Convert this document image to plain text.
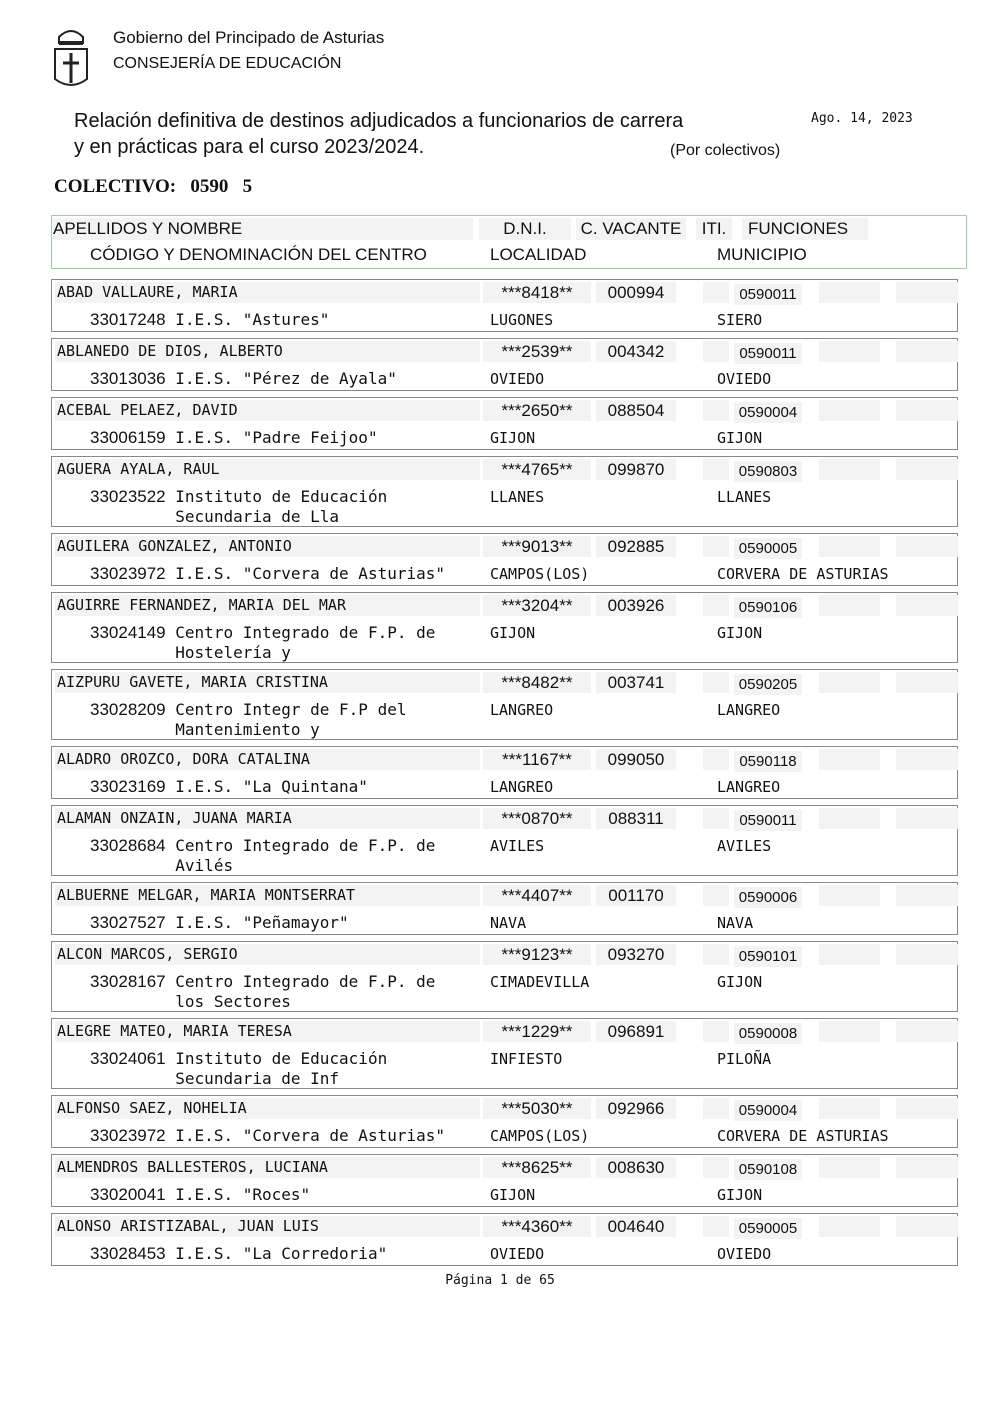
Gobierno del Principado de Asturias
CONSEJERÍA DE EDUCACIÓN
Relación definitiva de destinos adjudicados a funcionarios de carrera
y en prácticas para el curso 2023/2024.
Ago. 14, 2023
(Por colectivos)
COLECTIVO:   0590   5
APELLIDOS Y NOMBRE	D.N.I.	C. VACANTE	ITI.	FUNCIONES
CÓDIGO Y DENOMINACIÓN DEL CENTRO	LOCALIDAD	MUNICIPIO
ABAD VALLAURE, MARIA	***8418**	000994	0590011
33017248 I.E.S. "Astures"	LUGONES	SIERO
ABLANEDO DE DIOS, ALBERTO	***2539**	004342	0590011
33013036 I.E.S. "Pérez de Ayala"	OVIEDO	OVIEDO
ACEBAL PELAEZ, DAVID	***2650**	088504	0590004
33006159 I.E.S. "Padre Feijoo"	GIJON	GIJON
AGUERA AYALA, RAUL	***4765**	099870	0590803
33023522 Instituto de Educación
Secundaria de Lla
LLANES	LLANES
AGUILERA GONZALEZ, ANTONIO	***9013**	092885	0590005
33023972 I.E.S. "Corvera de Asturias"	CAMPOS(LOS)	CORVERA DE ASTURIAS
AGUIRRE FERNANDEZ, MARIA DEL MAR	***3204**	003926	0590106
33024149 Centro Integrado de F.P. de
Hostelería y
GIJON	GIJON
AIZPURU GAVETE, MARIA CRISTINA	***8482**	003741	0590205
33028209 Centro Integr de F.P del
Mantenimiento y
LANGREO	LANGREO
ALADRO OROZCO, DORA CATALINA	***1167**	099050	0590118
33023169 I.E.S. "La Quintana"	LANGREO	LANGREO
ALAMAN ONZAIN, JUANA MARIA	***0870**	088311	0590011
33028684 Centro Integrado de F.P. de
Avilés
AVILES	AVILES
ALBUERNE MELGAR, MARIA MONTSERRAT	***4407**	001170	0590006
33027527 I.E.S. "Peñamayor"	NAVA	NAVA
ALCON MARCOS, SERGIO	***9123**	093270	0590101
33028167 Centro Integrado de F.P. de
los Sectores
CIMADEVILLA	GIJON
ALEGRE MATEO, MARIA TERESA	***1229**	096891	0590008
33024061 Instituto de Educación
Secundaria de Inf
INFIESTO	PILOÑA
ALFONSO SAEZ, NOHELIA	***5030**	092966	0590004
33023972 I.E.S. "Corvera de Asturias"	CAMPOS(LOS)	CORVERA DE ASTURIAS
ALMENDROS BALLESTEROS, LUCIANA	***8625**	008630	0590108
33020041 I.E.S. "Roces"	GIJON	GIJON
ALONSO ARISTIZABAL, JUAN LUIS	***4360**	004640	0590005
33028453 I.E.S. "La Corredoria"	OVIEDO	OVIEDO
Página 1 de 65
